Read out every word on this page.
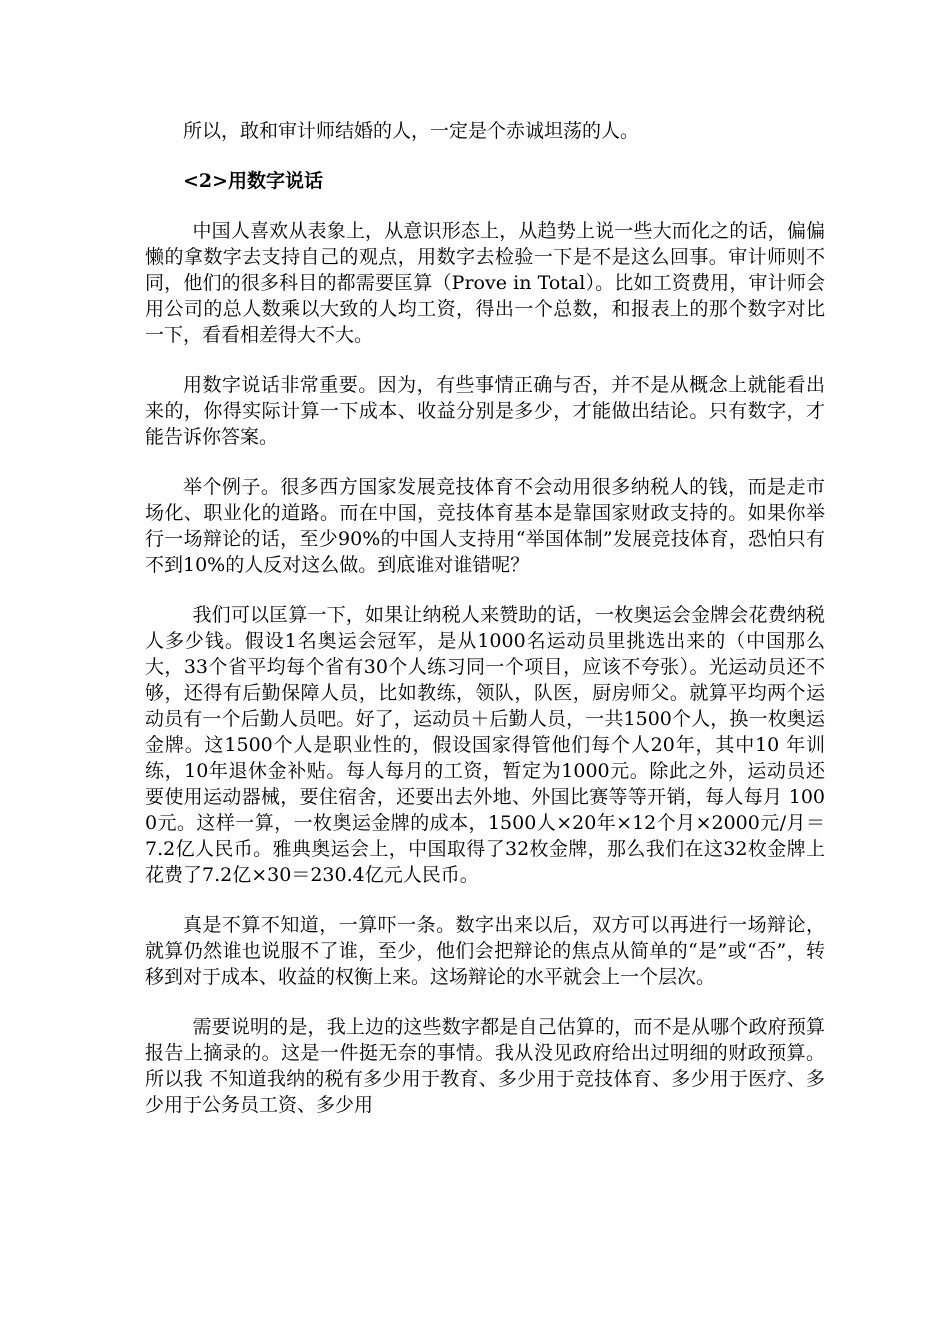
所以，敢和审计师结婚的人，一定是个赤诚坦荡的人。

<2>用数字说话

中国人喜欢从表象上，从意识形态上，从趋势上说一些大而化之的话，偏偏懒的拿数字去支持自己的观点，用数字去检验一下是不是这么回事。审计师则不同，他们的很多科目的都需要匡算（Prove in Total）。比如工资费用，审计师会用公司的总人数乘以大致的人均工资，得出一个总数，和报表上的那个数字对比一下，看看相差得大不大。

用数字说话非常重要。因为，有些事情正确与否，并不是从概念上就能看出来的，你得实际计算一下成本、收益分别是多少，才能做出结论。只有数字，才能告诉你答案。

举个例子。很多西方国家发展竞技体育不会动用很多纳税人的钱，而是走市场化、职业化的道路。而在中国，竞技体育基本是靠国家财政支持的。如果你举行一场辩论的话，至少90%的中国人支持用“举国体制”发展竞技体育，恐怕只有不到10%的人反对这么做。到底谁对谁错呢？

我们可以匡算一下，如果让纳税人来赞助的话，一枚奥运会金牌会花费纳税人多少钱。假设1名奥运会冠军，是从1000名运动员里挑选出来的（中国那么 大，33个省平均每个省有30个人练习同一个项目，应该不夸张）。光运动员还不够，还得有后勤保障人员，比如教练，领队，队医，厨房师父。就算平均两个运 动员有一个后勤人员吧。好了，运动员＋后勤人员，一共1500个人，换一枚奥运金牌。这1500个人是职业性的，假设国家得管他们每个人20年，其中10 年训练，10年退休金补贴。每人每月的工资，暂定为1000元。除此之外，运动员还要使用运动器械，要住宿舍，还要出去外地、外国比赛等等开销，每人每月 1000元。这样一算，一枚奥运金牌的成本，1500人×20年×12个月×2000元/月＝7.2亿人民币。雅典奥运会上，中国取得了32枚金牌，那么我们在这32枚金牌上花费了7.2亿×30＝230.4亿元人民币。

真是不算不知道，一算吓一条。数字出来以后，双方可以再进行一场辩论，就算仍然谁也说服不了谁，至少，他们会把辩论的焦点从简单的“是”或“否”，转移到对于成本、收益的权衡上来。这场辩论的水平就会上一个层次。

需要说明的是，我上边的这些数字都是自己估算的，而不是从哪个政府预算报告上摘录的。这是一件挺无奈的事情。我从没见政府给出过明细的财政预算。所以我 不知道我纳的税有多少用于教育、多少用于竞技体育、多少用于医疗、多少用于公务员工资、多少用
